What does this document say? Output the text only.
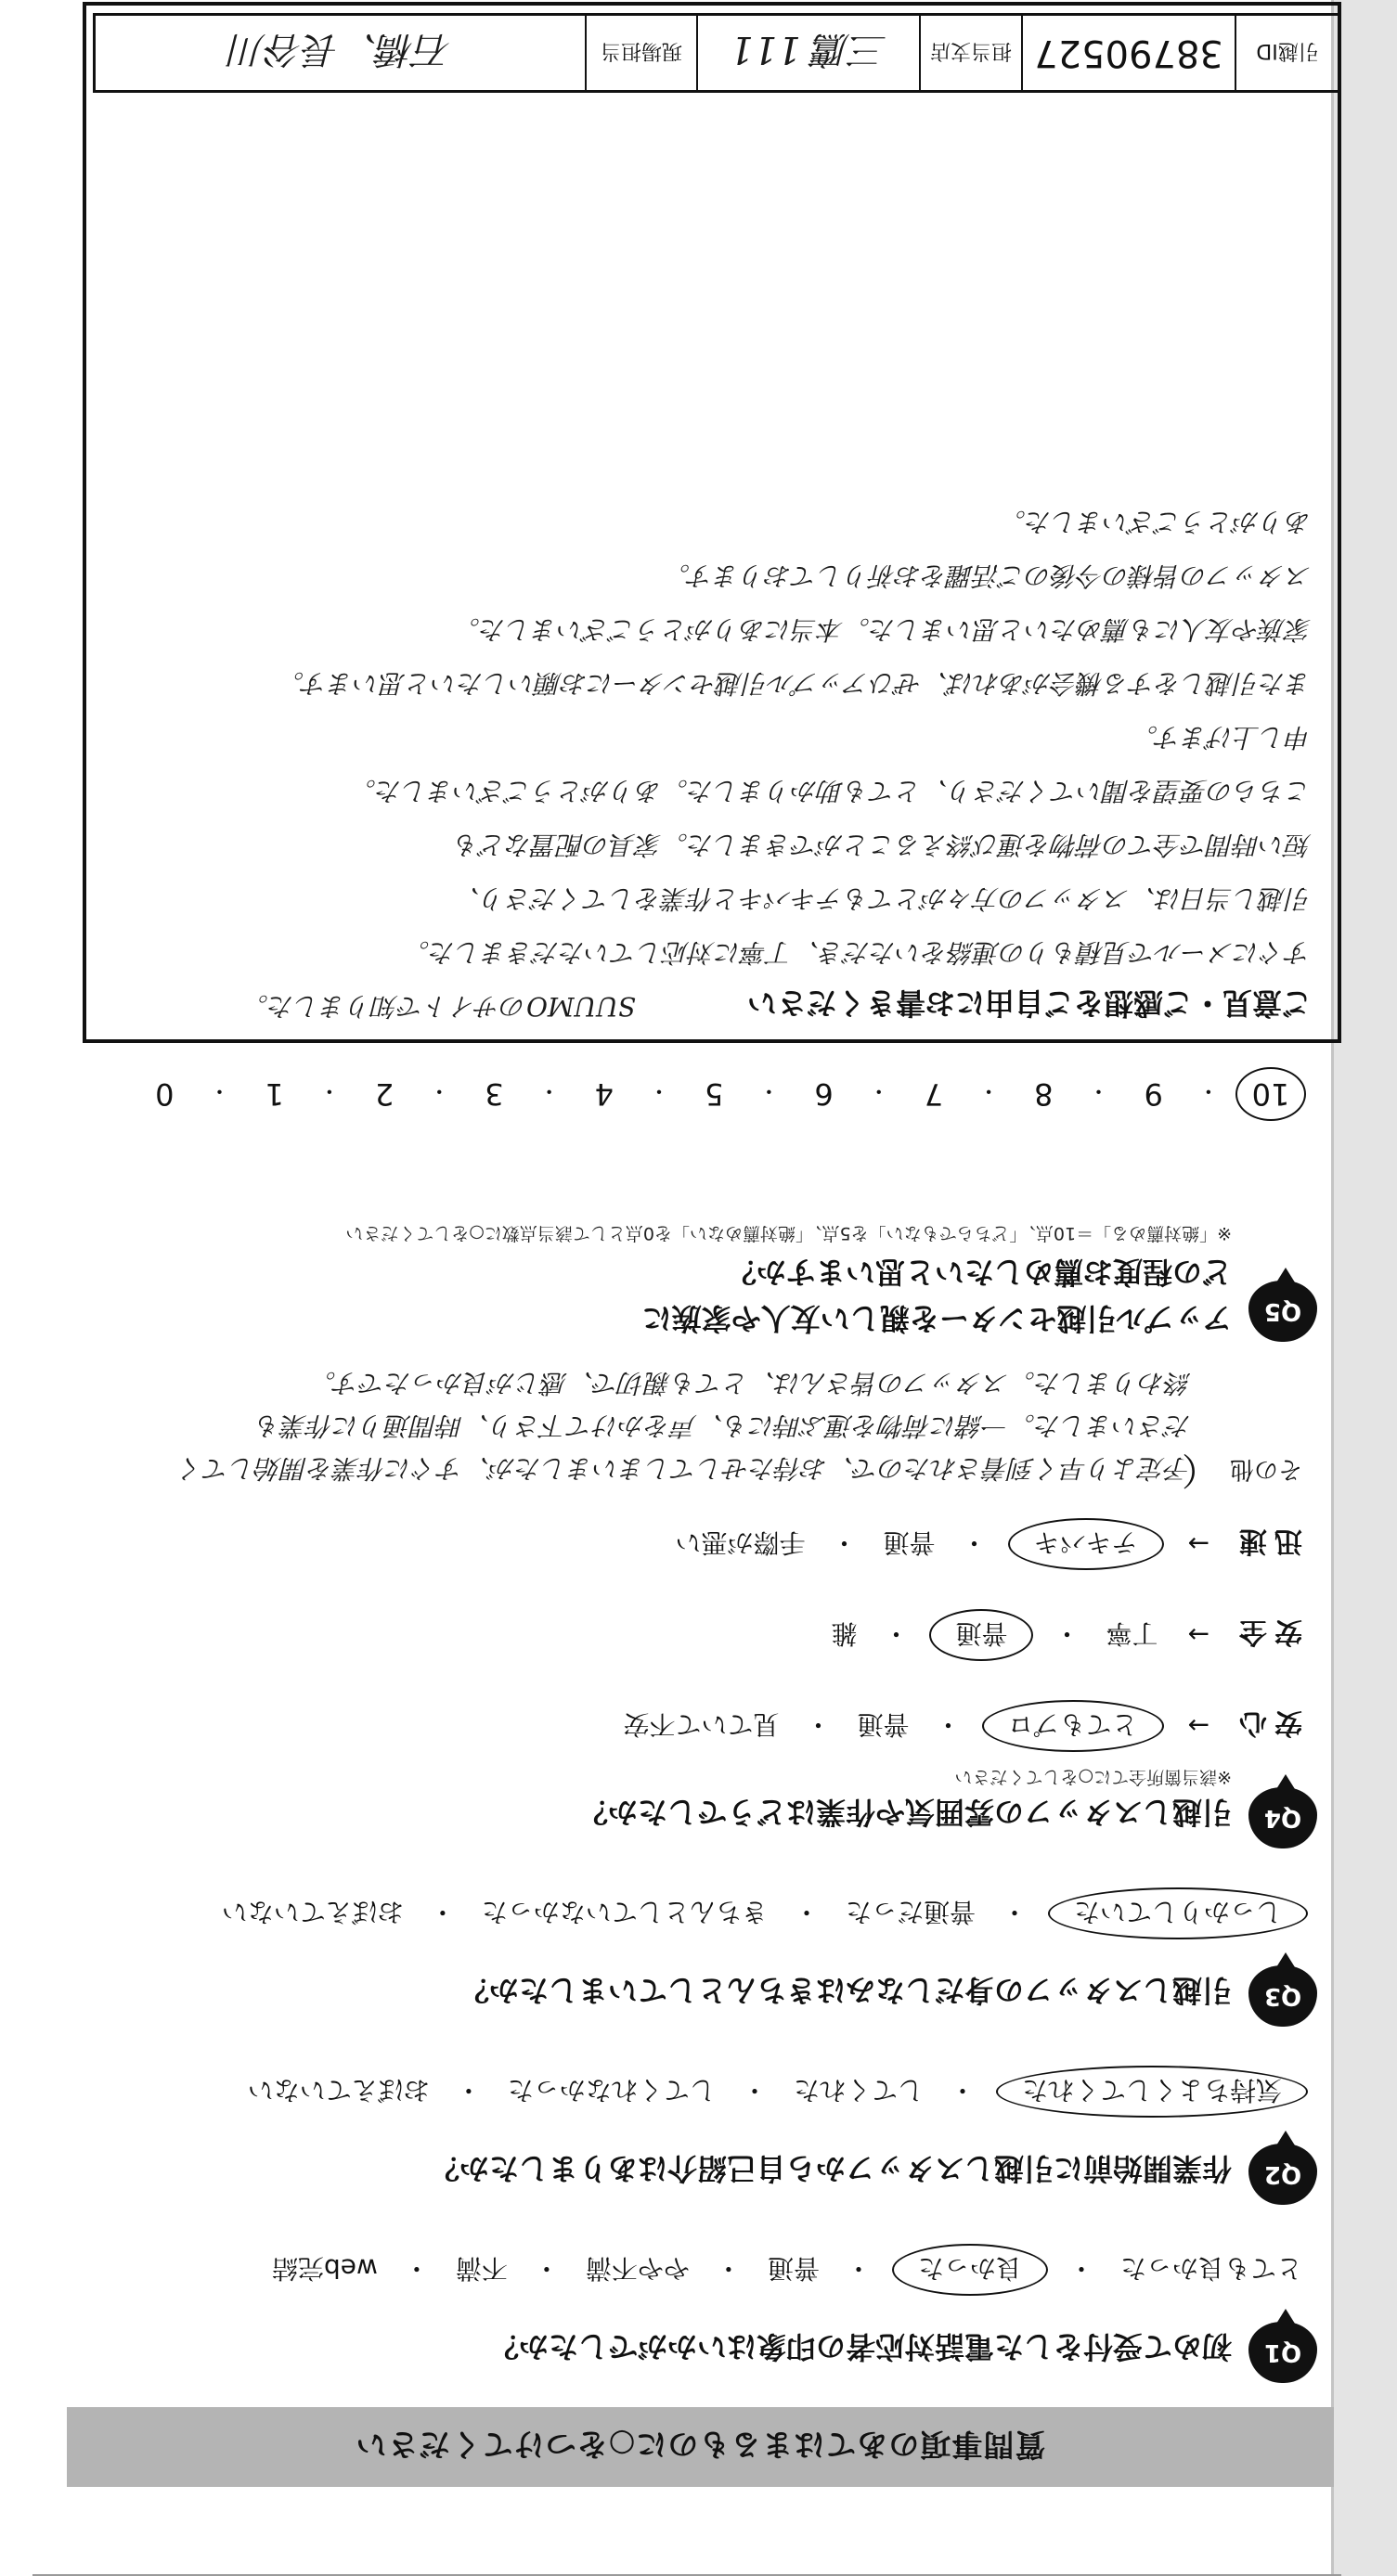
質問事項のあてはまるものに○をつけてください
Q1
初めて受付をした電話対応者の印象はいかがでしたか？
とても良かった
・
良かった
・
普通
・
やや不満
・
不満
・
web完結
Q2
作業開始前に引越しスタッフから自己紹介はありましたか？
気持ちよくしてくれた
・
してくれた
・
してくれなかった
・
おぼえていない
Q3
引越しスタッフの身だしなみはきちんとしていましたか？
しっかりしていた
・
普通だった
・
きちんとしていなかった
・
おぼえていない
Q4
引越しスタッフの雰囲気や作業はどうでしたか？
※該当箇所全てに○をしてください
安心
→
とてもプロ
・
普通
・
見ていて不安
安全
→
丁寧
・
普通
・
雑
迅速
→
テキパキ
・
普通
・
手際が悪い
その他
（
予定より早く到着されたので、お待たせしてしまいましたが、すぐに作業を開始してく
ださいました。一緒に荷物を運ぶ時にも、声をかけて下さり、時間通りに作業も
終わりました。スタッフの皆さんは、とても親切で、感じが良かったです。
Q5
アップル引越センターを親しい友人や家族に
どの程度お薦めしたいと思いますか？
※「絶対薦める」＝10点、「どちらでもない」を5点、「絶対薦めない」を0点として該当点数に○をしてください
10
・
9
・
8
・
7
・
6
・
5
・
4
・
3
・
2
・
1
・
0
ご意見・ご感想をご自由にお書きください
SUUMOのサイトで知りました。
すぐにメールで見積もりの連絡をいただき、丁寧に対応していただきました。
引越し当日は、スタッフの方々がとてもテキパキと作業をしてくださり、
短い時間で全ての荷物を運び終えることができました。家具の配置なども
こちらの要望を聞いてくださり、とても助かりました。ありがとうございました。
申し上げます。
また引越しをする機会があれば、ぜひアップル引越センターにお願いしたいと思います。
家族や友人にも薦めたいと思いました。本当にありがとうございました。
スタッフの皆様の今後のご活躍をお祈りしております。
ありがとうございました。
引越ID
38790527
担当支店
三鷹 111
現場担当
石橋、長谷川
